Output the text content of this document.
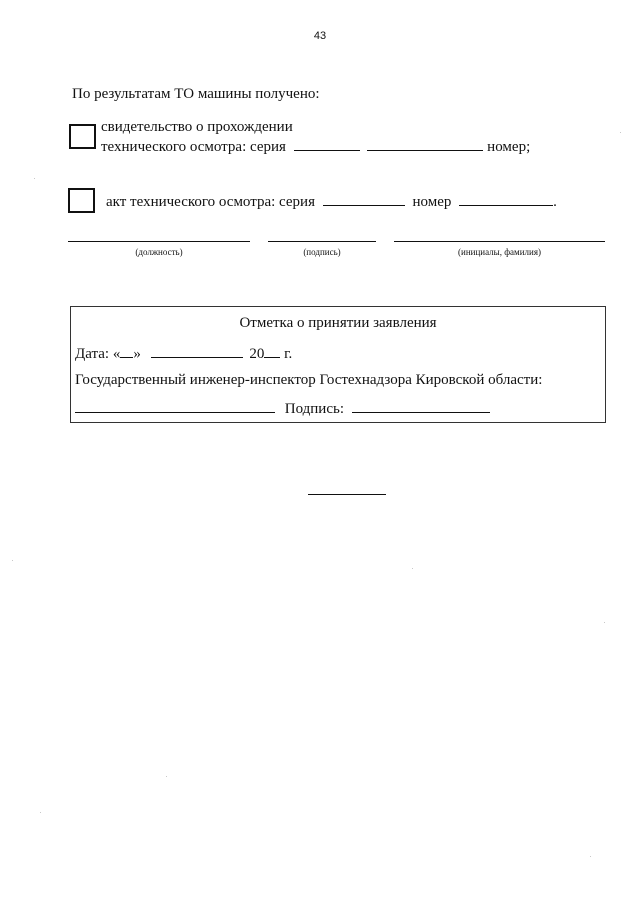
43
По результатам ТО машины получено:
свидетельство о прохождении
технического осмотра: серия	номер;
акт технического осмотра: серия	номер	.
(должность)	(подпись)	(инициалы, фамилия)
Отметка о принятии заявления
Дата: « »	20 г.
Государственный инженер-инспектор Гостехнадзора Кировской области:
Подпись:
